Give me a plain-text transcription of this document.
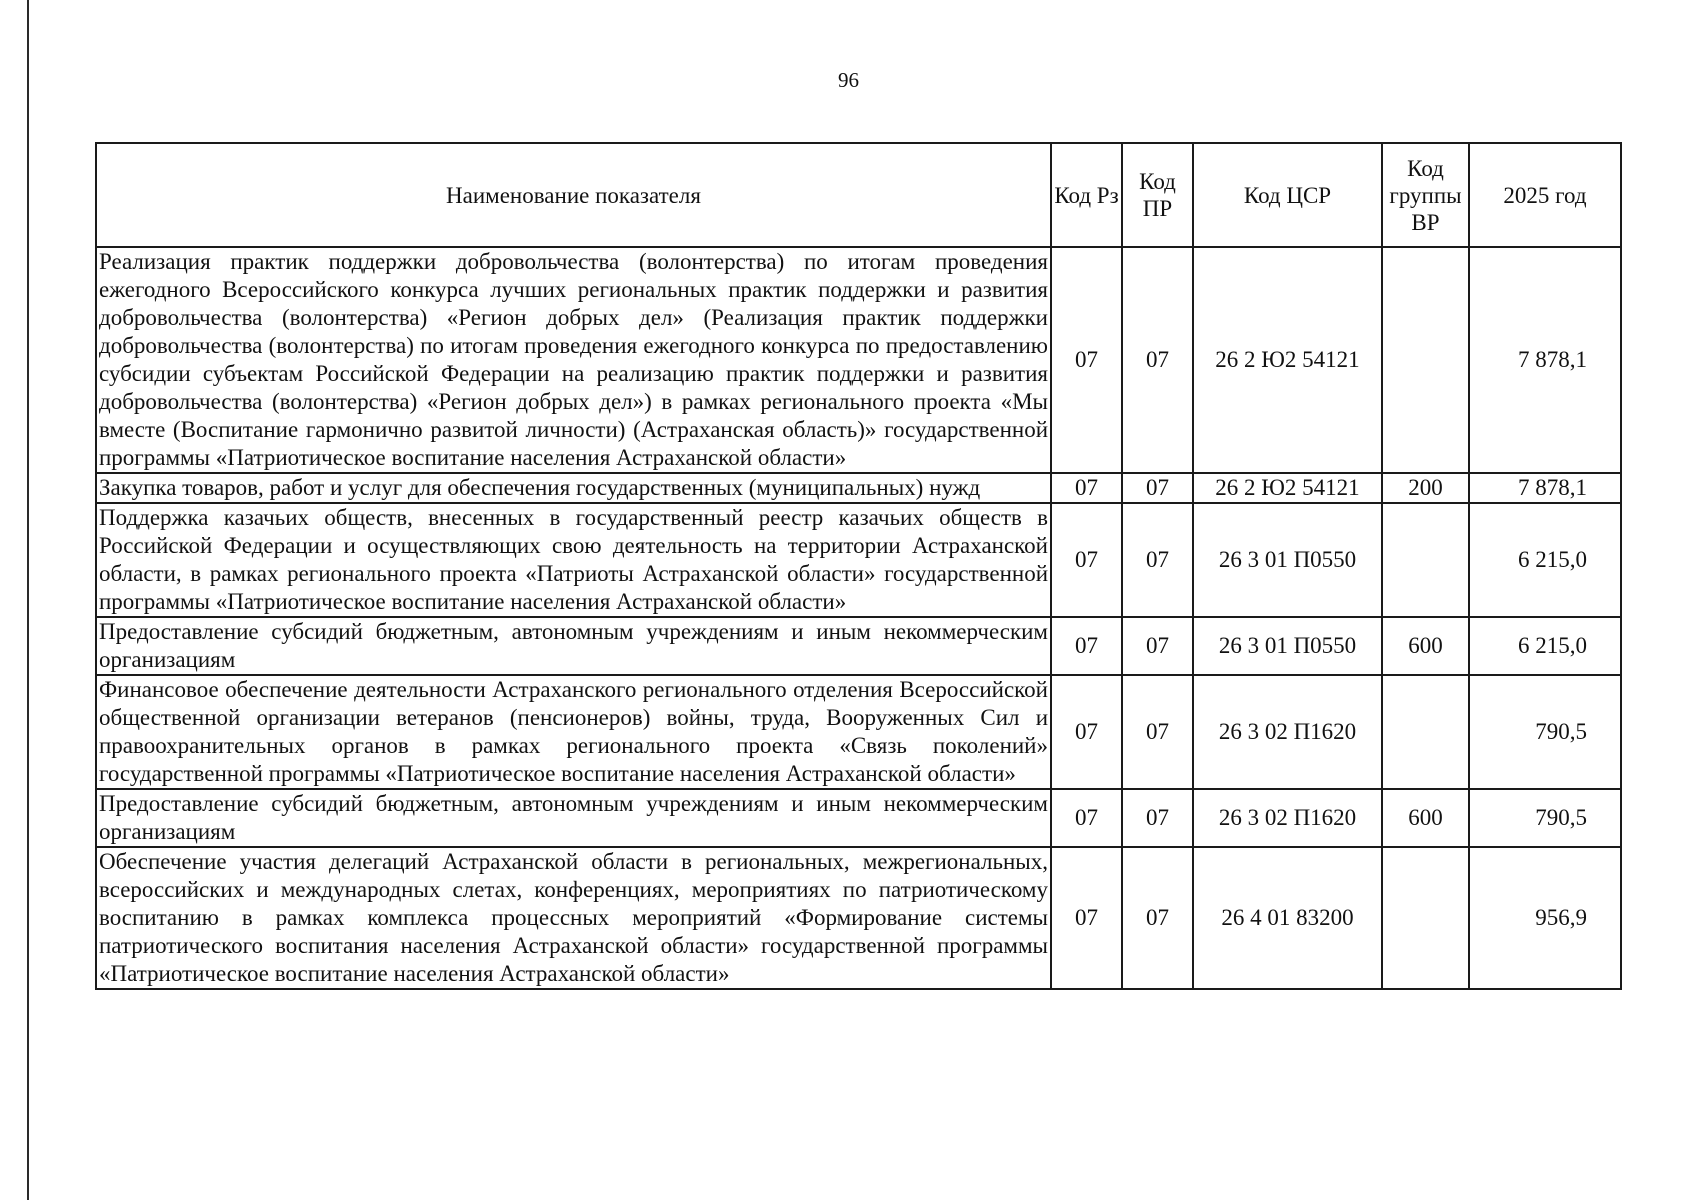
96
Наименование показателя	Код Рз	Код ПР	Код ЦСР	Код группы ВР	2025 год
Реализация практик поддержки добровольчества (волонтерства) по итогам проведения ежегодного Всероссийского конкурса лучших региональных практик поддержки и развития добровольчества (волонтерства) «Регион добрых дел» (Реализация практик поддержки добровольчества (волонтерства) по итогам проведения ежегодного конкурса по предоставлению субсидии субъектам Российской Федерации на реализацию практик поддержки и развития добровольчества (волонтерства) «Регион добрых дел») в рамках регионального проекта «Мы вместе (Воспитание гармонично развитой личности) (Астраханская область)» государственной программы «Патриотическое воспитание населения Астраханской области»	07	07	26 2 Ю2 54121		7 878,1
Закупка товаров, работ и услуг для обеспечения государственных (муниципальных) нужд	07	07	26 2 Ю2 54121	200	7 878,1
Поддержка казачьих обществ, внесенных в государственный реестр казачьих обществ в Российской Федерации и осуществляющих свою деятельность на территории Астраханской области, в рамках регионального проекта «Патриоты Астраханской области» государственной программы «Патриотическое воспитание населения Астраханской области»	07	07	26 3 01 П0550		6 215,0
Предоставление субсидий бюджетным, автономным учреждениям и иным некоммерческим организациям	07	07	26 3 01 П0550	600	6 215,0
Финансовое обеспечение деятельности Астраханского регионального отделения Всероссийской общественной организации ветеранов (пенсионеров) войны, труда, Вооруженных Сил и правоохранительных органов в рамках регионального проекта «Связь поколений» государственной программы «Патриотическое воспитание населения Астраханской области»	07	07	26 3 02 П1620		790,5
Предоставление субсидий бюджетным, автономным учреждениям и иным некоммерческим организациям	07	07	26 3 02 П1620	600	790,5
Обеспечение участия делегаций Астраханской области в региональных, межрегиональных, всероссийских и международных слетах, конференциях, мероприятиях по патриотическому воспитанию в рамках комплекса процессных мероприятий «Формирование системы патриотического воспитания населения Астраханской области» государственной программы «Патриотическое воспитание населения Астраханской области»	07	07	26 4 01 83200		956,9
